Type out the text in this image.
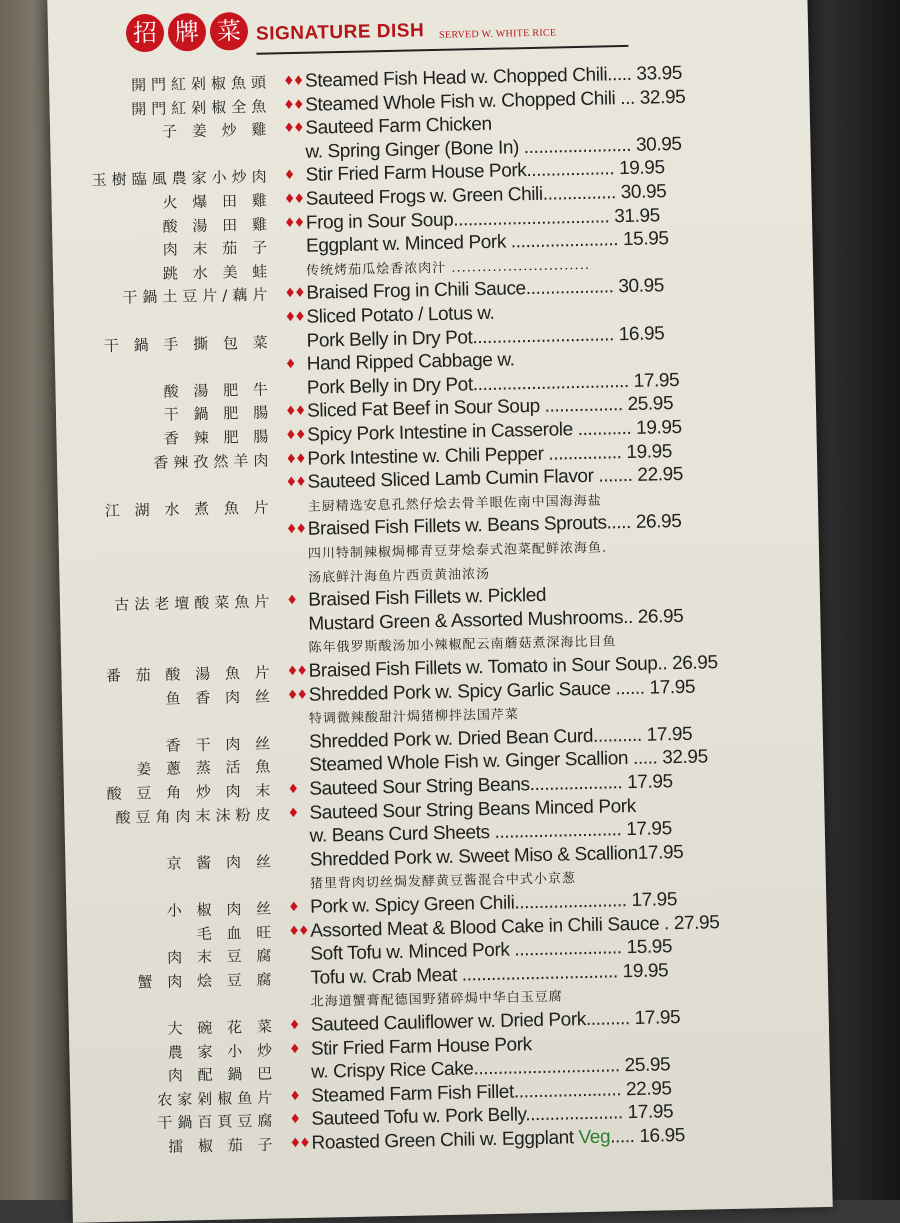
招 牌 菜 SIGNATURE DISH SERVED W. WHITE RICE
開門紅剁椒魚頭 ♦♦ Steamed Fish Head w. Chopped Chili..... 33.95
開門紅剁椒全魚 ♦♦ Steamed Whole Fish w. Chopped Chili ... 32.95
子 姜 炒 雞 ♦♦ Sauteed Farm Chicken
w. Spring Ginger (Bone In) ...................... 30.95
玉樹臨風農家小炒肉 ♦ Stir Fried Farm House Pork.................. 19.95
火 爆 田 雞 ♦♦ Sauteed Frogs w. Green Chili............... 30.95
酸 湯 田 雞 ♦♦ Frog in Sour Soup................................ 31.95
肉 末 茄 子 Eggplant w. Minced Pork ...................... 15.95
跳 水 美 蛙	传统烤茄瓜烩香浓肉汁 ...........................
干鍋土豆片/藕片 ♦♦ Braised Frog in Chili Sauce.................. 30.95
♦♦ Sliced Potato / Lotus w.
干 鍋 手 撕 包 菜 Pork Belly in Dry Pot............................. 16.95
♦ Hand Ripped Cabbage w.
酸 湯 肥 牛 Pork Belly in Dry Pot................................ 17.95
干 鍋 肥 腸 ♦♦ Sliced Fat Beef in Sour Soup ................ 25.95
香 辣 肥 腸 ♦♦ Spicy Pork Intestine in Casserole ........... 19.95
香辣孜然羊肉 ♦♦ Pork Intestine w. Chili Pepper ............... 19.95
♦♦ Sauteed Sliced Lamb Cumin Flavor ....... 22.95
江 湖 水 煮 魚 片	主厨精选安息孔然仔烩去骨羊眼佐南中国海海盐
♦♦ Braised Fish Fillets w. Beans Sprouts..... 26.95
四川特制辣椒焗椰青豆芽烩泰式泡菜配鲜浓海鱼.
汤底鲜汁海鱼片西贡黄油浓汤
古法老壇酸菜魚片 ♦ Braised Fish Fillets w. Pickled
Mustard Green & Assorted Mushrooms.. 26.95
陈年俄罗斯酸汤加小辣椒配云南蘑菇煮深海比目鱼
番 茄 酸 湯 魚 片 ♦♦ Braised Fish Fillets w. Tomato in Sour Soup.. 26.95
鱼 香 肉 丝 ♦♦ Shredded Pork w. Spicy Garlic Sauce ...... 17.95
特调微辣酸甜汁焗猪柳拌法国芹菜
香 干 肉 丝 Shredded Pork w. Dried Bean Curd.......... 17.95
姜 蔥 蒸 活 魚 Steamed Whole Fish w. Ginger Scallion ..... 32.95
酸 豆 角 炒 肉 末 ♦ Sauteed Sour String Beans................... 17.95
酸豆角肉末沫粉皮 ♦ Sauteed Sour String Beans Minced Pork
w. Beans Curd Sheets .......................... 17.95
京 酱 肉 丝 Shredded Pork w. Sweet Miso & Scallion17.95
猪里背肉切丝焗发酵黄豆酱混合中式小京葱
小 椒 肉 丝 ♦ Pork w. Spicy Green Chili....................... 17.95
毛 血 旺 ♦♦ Assorted Meat & Blood Cake in Chili Sauce . 27.95
肉 末 豆 腐 Soft Tofu w. Minced Pork ...................... 15.95
蟹 肉 烩 豆 腐 Tofu w. Crab Meat ................................ 19.95
北海道蟹膏配德国野猪碎焗中华白玉豆腐
大 碗 花 菜 ♦ Sauteed Cauliflower w. Dried Pork......... 17.95
農 家 小 炒 ♦ Stir Fried Farm House Pork
肉 配 鍋 巴 w. Crispy Rice Cake.............................. 25.95
农家剁椒鱼片 ♦ Steamed Farm Fish Fillet...................... 22.95
干鍋百頁豆腐 ♦ Sauteed Tofu w. Pork Belly.................... 17.95
擂 椒 茄 子 ♦♦ Roasted Green Chili w. Eggplant Veg..... 16.95
